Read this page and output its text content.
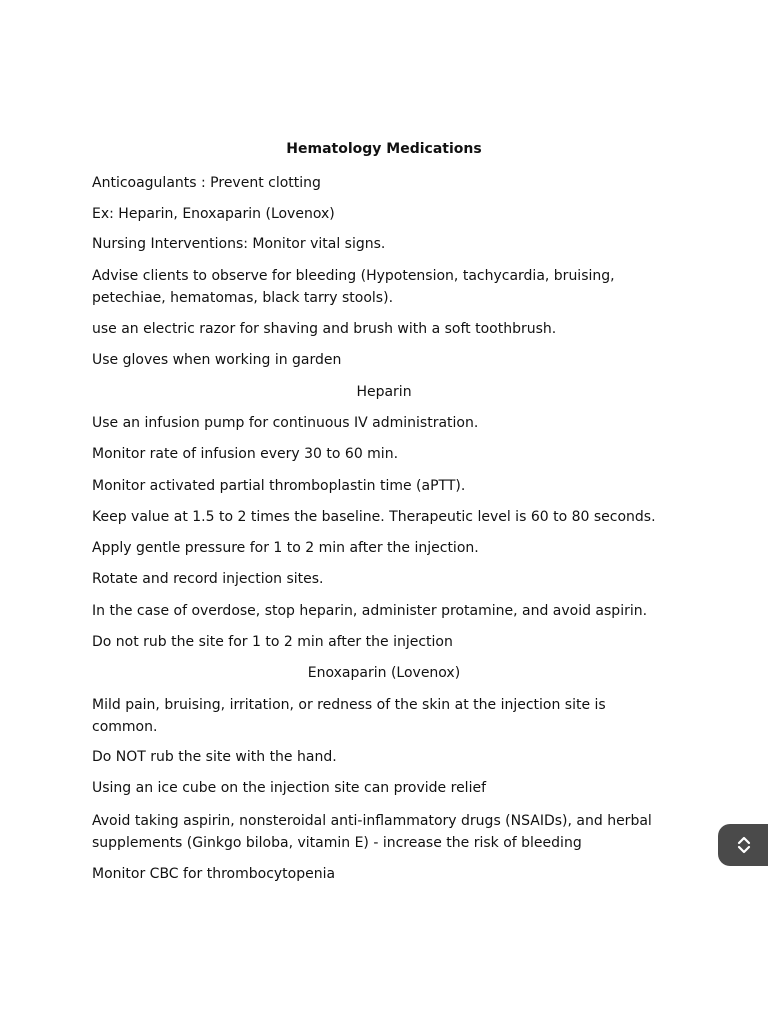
Hematology Medications
Anticoagulants : Prevent clotting
Ex: Heparin, Enoxaparin (Lovenox)
Nursing Interventions: Monitor vital signs.
Advise clients to observe for bleeding (Hypotension, tachycardia, bruising, petechiae, hematomas, black tarry stools).
use an electric razor for shaving and brush with a soft toothbrush.
Use gloves when working in garden
Heparin
Use an infusion pump for continuous IV administration.
Monitor rate of infusion every 30 to 60 min.
Monitor activated partial thromboplastin time (aPTT).
Keep value at 1.5 to 2 times the baseline. Therapeutic level is 60 to 80 seconds.
Apply gentle pressure for 1 to 2 min after the injection.
Rotate and record injection sites.
In the case of overdose, stop heparin, administer protamine, and avoid aspirin.
Do not rub the site for 1 to 2 min after the injection
Enoxaparin (Lovenox)
Mild pain, bruising, irritation, or redness of the skin at the injection site is common.
Do NOT rub the site with the hand.
Using an ice cube on the injection site can provide relief
Avoid taking aspirin, nonsteroidal anti-inflammatory drugs (NSAIDs), and herbal supplements (Ginkgo biloba, vitamin E) - increase the risk of bleeding
Monitor CBC for thrombocytopenia
